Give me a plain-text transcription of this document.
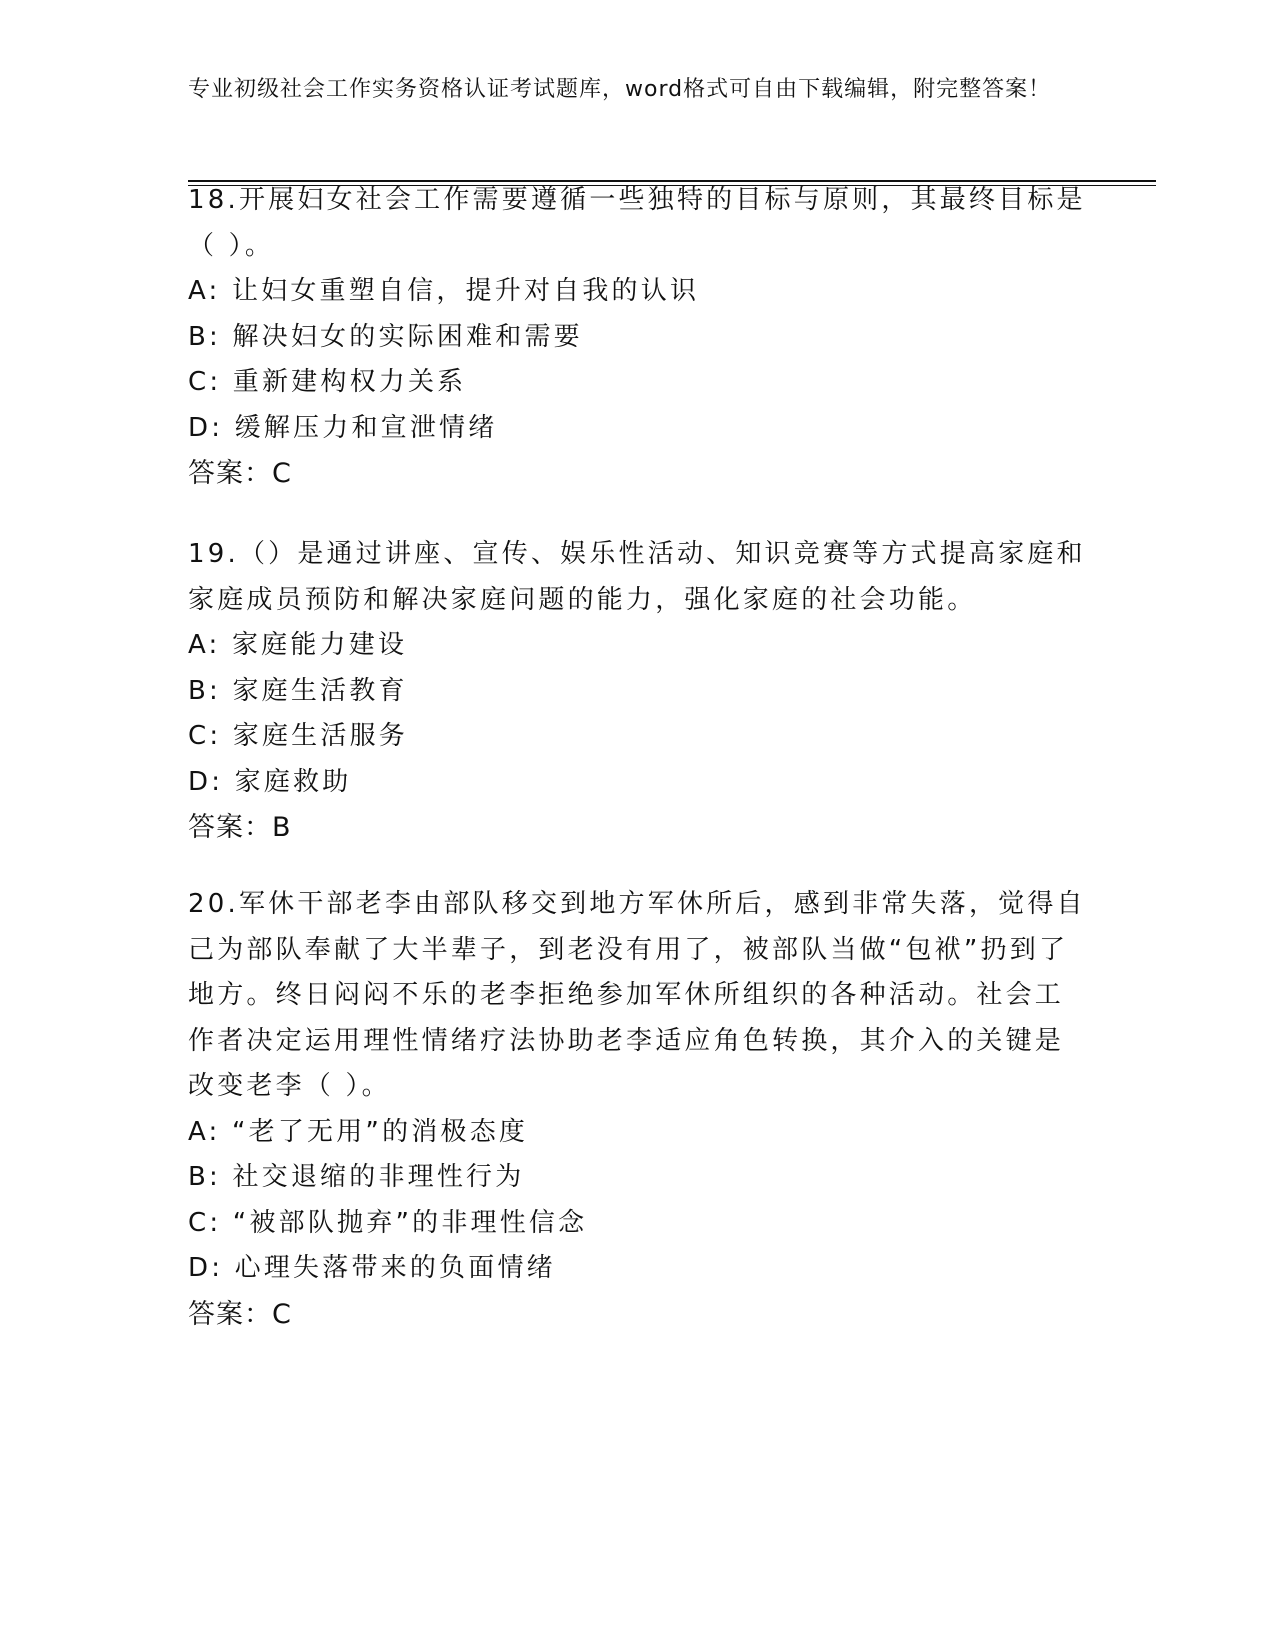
专业初级社会工作实务资格认证考试题库，word格式可自由下载编辑，附完整答案！

18.开展妇女社会工作需要遵循一些独特的目标与原则，其最终目标是（ ）。

A: 让妇女重塑自信，提升对自我的认识

B: 解决妇女的实际困难和需要

C: 重新建构权力关系

D: 缓解压力和宣泄情绪

答案：C

19.（）是通过讲座、宣传、娱乐性活动、知识竞赛等方式提高家庭和家庭成员预防和解决家庭问题的能力，强化家庭的社会功能。

A: 家庭能力建设

B: 家庭生活教育

C: 家庭生活服务

D: 家庭救助

答案：B

20.军休干部老李由部队移交到地方军休所后，感到非常失落，觉得自己为部队奉献了大半辈子，到老没有用了，被部队当做“包袱”扔到了地方。终日闷闷不乐的老李拒绝参加军休所组织的各种活动。社会工作者决定运用理性情绪疗法协助老李适应角色转换，其介入的关键是改变老李（ ）。

A: “老了无用”的消极态度

B: 社交退缩的非理性行为

C: “被部队抛弃”的非理性信念

D: 心理失落带来的负面情绪

答案：C
